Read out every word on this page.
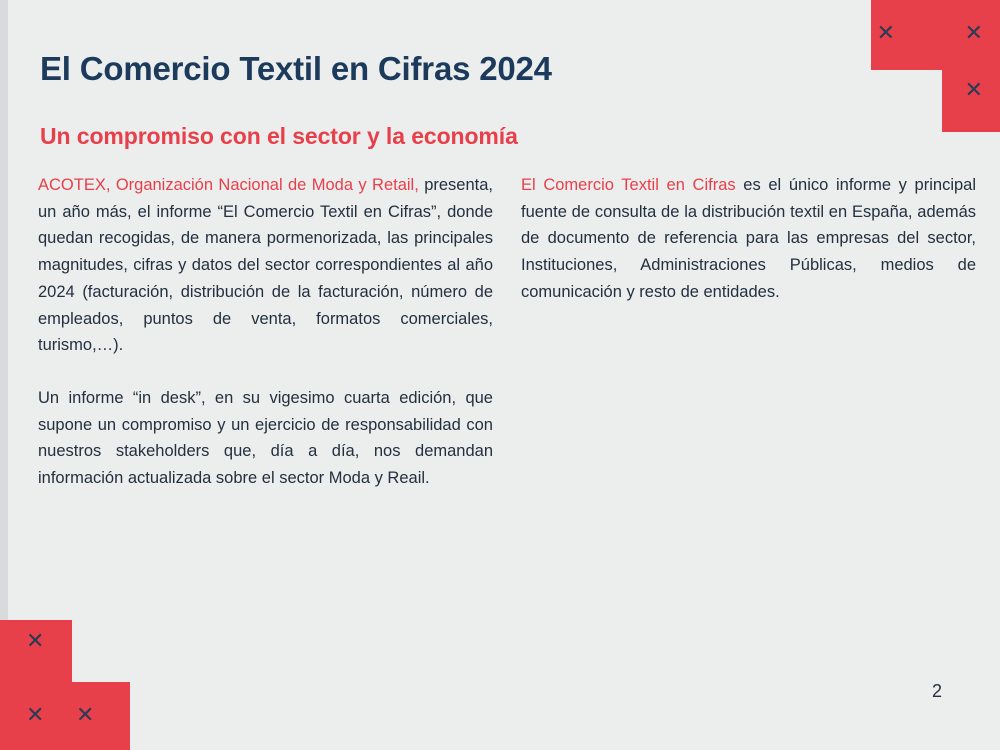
✕	✕
✕
✕
✕ ✕
El Comercio Textil en Cifras 2024
Un compromiso con el sector y la economía

ACOTEX, Organización Nacional de Moda y Retail, presenta, un año más, el informe “El Comercio Textil en Cifras”, donde quedan recogidas, de manera pormenorizada, las principales magnitudes, cifras y datos del sector correspondientes al año 2024 (facturación, distribución de la facturación, número de empleados, puntos de venta, formatos comerciales, turismo,…).

Un informe “in desk”, en su vigesimo cuarta edición, que supone un compromiso y un ejercicio de responsabilidad con nuestros stakeholders que, día a día, nos demandan información actualizada sobre el sector Moda y Reail.

El Comercio Textil en Cifras es el único informe y principal fuente de consulta de la distribución textil en España, además de documento de referencia para las empresas del sector, Instituciones, Administraciones Públicas, medios de comunicación y resto de entidades.

2
